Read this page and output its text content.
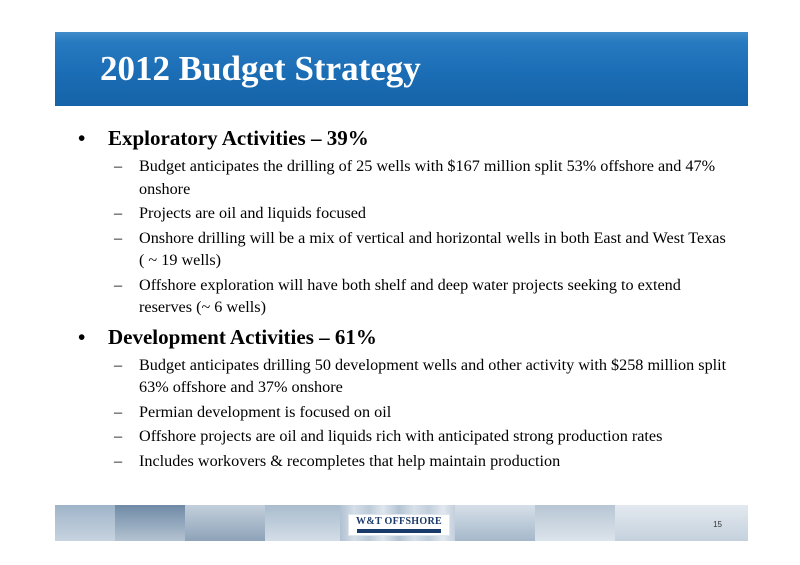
2012 Budget Strategy
• Exploratory Activities – 39%
– Budget anticipates the drilling of 25 wells with $167 million split 53% offshore and 47% onshore
– Projects are oil and liquids focused
– Onshore drilling will be a mix of vertical and horizontal wells in both East and West Texas ( ~ 19 wells)
– Offshore exploration will have both shelf and deep water projects seeking to extend reserves (~ 6 wells)
• Development Activities – 61%
– Budget anticipates drilling 50 development wells and other activity with $258 million split 63% offshore and 37% onshore
– Permian development is focused on oil
– Offshore projects are oil and liquids rich with anticipated strong production rates
– Includes workovers & recompletes that help maintain production
W&T OFFSHORE	15
